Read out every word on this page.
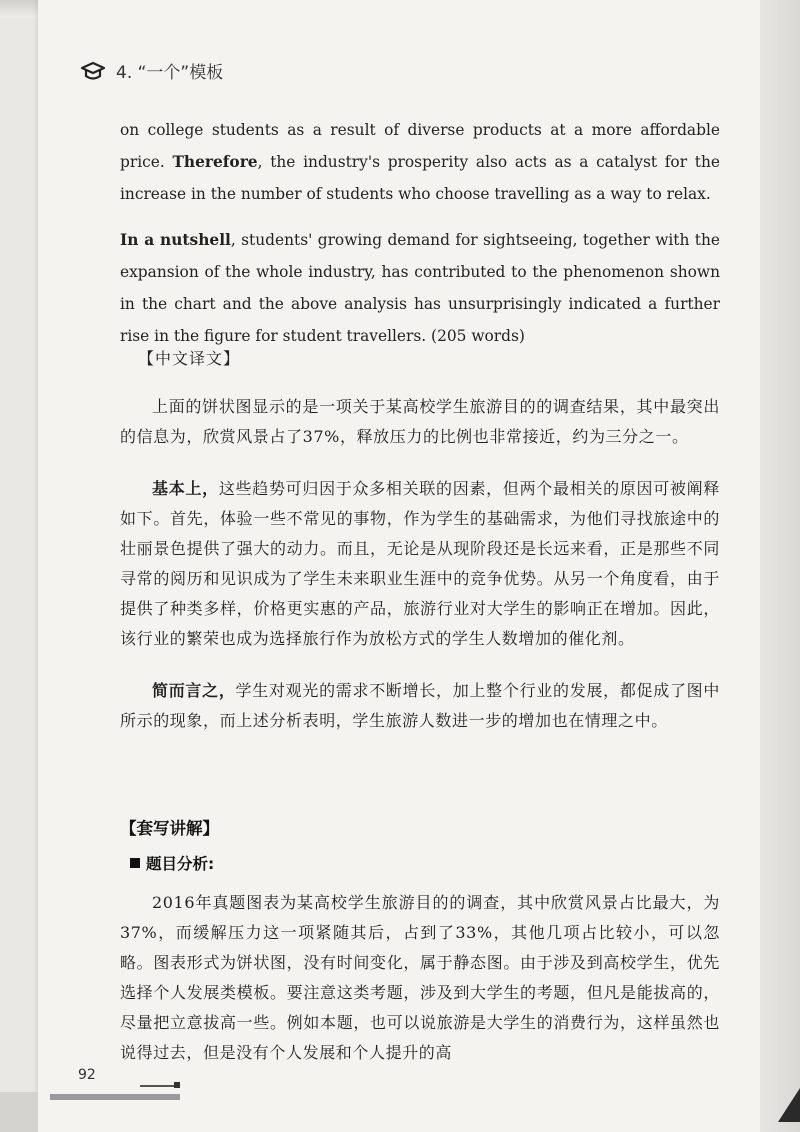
4. “一个”模板

on college students as a result of diverse products at a more affordable price. Therefore, the industry's prosperity also acts as a catalyst for the increase in the number of students who choose travelling as a way to relax.

In a nutshell, students' growing demand for sightseeing, together with the expansion of the whole industry, has contributed to the phenomenon shown in the chart and the above analysis has unsurprisingly indicated a further rise in the figure for student travellers. (205 words)

【中文译文】

上面的饼状图显示的是一项关于某高校学生旅游目的的调查结果，其中最突出的信息为，欣赏风景占了37%，释放压力的比例也非常接近，约为三分之一。

基本上，这些趋势可归因于众多相关联的因素，但两个最相关的原因可被阐释如下。首先，体验一些不常见的事物，作为学生的基础需求，为他们寻找旅途中的壮丽景色提供了强大的动力。而且，无论是从现阶段还是长远来看，正是那些不同寻常的阅历和见识成为了学生未来职业生涯中的竞争优势。从另一个角度看，由于提供了种类多样，价格更实惠的产品，旅游行业对大学生的影响正在增加。因此，该行业的繁荣也成为选择旅行作为放松方式的学生人数增加的催化剂。

简而言之，学生对观光的需求不断增长，加上整个行业的发展，都促成了图中所示的现象，而上述分析表明，学生旅游人数进一步的增加也在情理之中。

【套写讲解】
题目分析:

2016年真题图表为某高校学生旅游目的的调查，其中欣赏风景占比最大，为37%，而缓解压力这一项紧随其后，占到了33%，其他几项占比较小，可以忽略。图表形式为饼状图，没有时间变化，属于静态图。由于涉及到高校学生，优先选择个人发展类模板。要注意这类考题，涉及到大学生的考题，但凡是能拔高的，尽量把立意拔高一些。例如本题，也可以说旅游是大学生的消费行为，这样虽然也说得过去，但是没有个人发展和个人提升的高

92
